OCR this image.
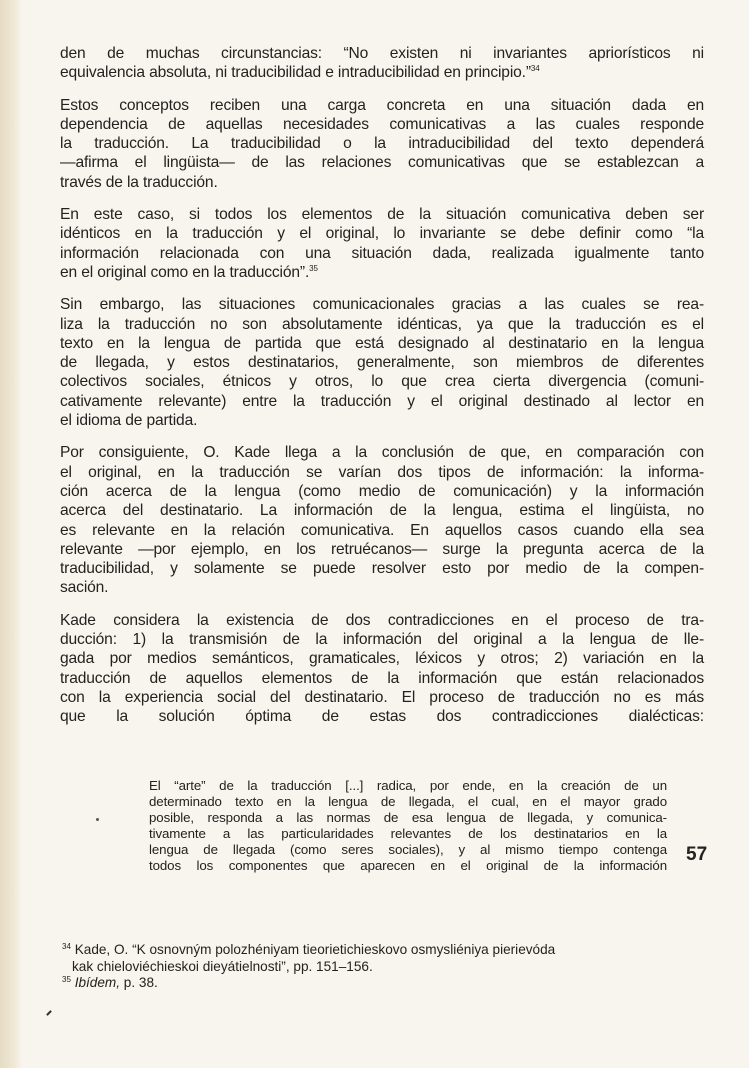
den de muchas circunstancias: “No existen ni invariantes apriorísticos ni
equivalencia absoluta, ni traducibilidad e intraducibilidad en principio.”$^{34}$

Estos conceptos reciben una carga concreta en una situación dada en
dependencia de aquellas necesidades comunicativas a las cuales responde
la traducción. La traducibilidad o la intraducibilidad del texto dependerá
—afirma el lingüista— de las relaciones comunicativas que se establezcan a
través de la traducción.

En este caso, si todos los elementos de la situación comunicativa deben ser
idénticos en la traducción y el original, lo invariante se debe definir como “la
información relacionada con una situación dada, realizada igualmente tanto
en el original como en la traducción”.$^{35}$

Sin embargo, las situaciones comunicacionales gracias a las cuales se rea-
liza la traducción no son absolutamente idénticas, ya que la traducción es el
texto en la lengua de partida que está designado al destinatario en la lengua
de llegada, y estos destinatarios, generalmente, son miembros de diferentes
colectivos sociales, étnicos y otros, lo que crea cierta divergencia (comuni-
cativamente relevante) entre la traducción y el original destinado al lector en
el idioma de partida.

Por consiguiente, O. Kade llega a la conclusión de que, en comparación con
el original, en la traducción se varían dos tipos de información: la informa-
ción acerca de la lengua (como medio de comunicación) y la información
acerca del destinatario. La información de la lengua, estima el lingüista, no
es relevante en la relación comunicativa. En aquellos casos cuando ella sea
relevante —por ejemplo, en los retruécanos— surge la pregunta acerca de la
traducibilidad, y solamente se puede resolver esto por medio de la compen-
sación.

Kade considera la existencia de dos contradicciones en el proceso de tra-
ducción: 1) la transmisión de la información del original a la lengua de lle-
gada por medios semánticos, gramaticales, léxicos y otros; 2) variación en la
traducción de aquellos elementos de la información que están relacionados
con la experiencia social del destinatario. El proceso de traducción no es más
que la solución óptima de estas dos contradicciones dialécticas:

El “arte” de la traducción [...] radica, por ende, en la creación de un
determinado texto en la lengua de llegada, el cual, en el mayor grado
posible, responda a las normas de esa lengua de llegada, y comunica-
tivamente a las particularidades relevantes de los destinatarios en la
lengua de llegada (como seres sociales), y al mismo tiempo contenga
todos los componentes que aparecen en el original de la información
57
$^{34}$ Kade, O. “K osnovným polozhéniyam tieorietichieskovo osmysliéniya pierievóda
kak chieloviéchieskoi dieyátielnosti”, pp. 151–156.
$^{35}$ Ibídem, p. 38.
